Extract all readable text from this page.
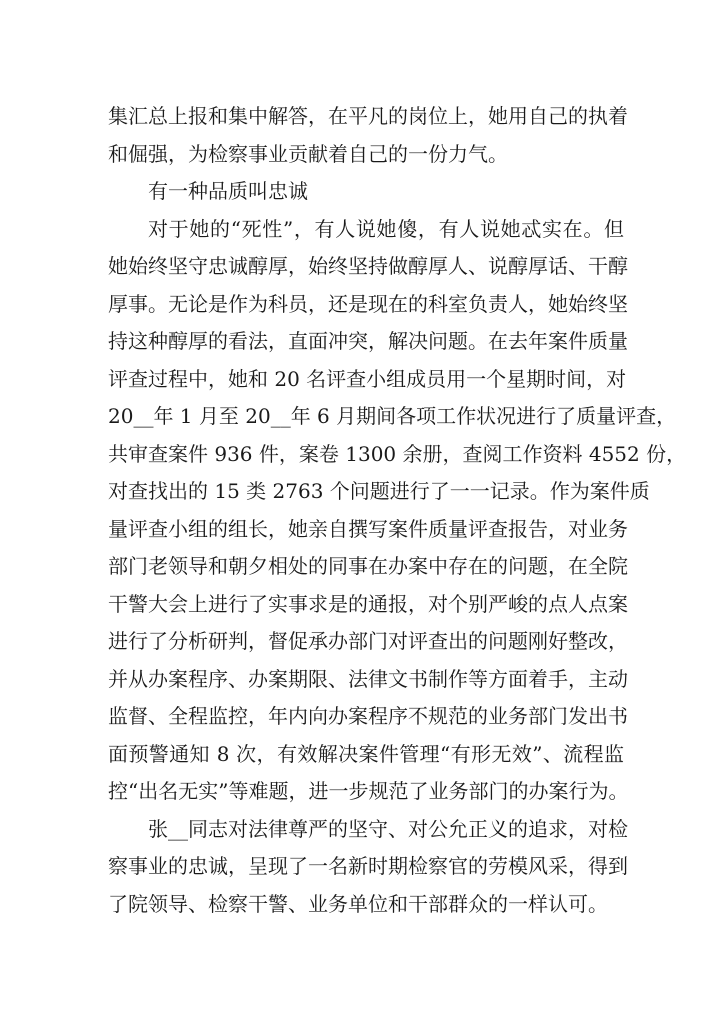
集汇总上报和集中解答，在平凡的岗位上，她用自己的执着
和倔强，为检察事业贡献着自己的一份力气。
有一种品质叫忠诚
对于她的“死性”，有人说她傻，有人说她忒实在。但
她始终坚守忠诚醇厚，始终坚持做醇厚人、说醇厚话、干醇
厚事。无论是作为科员，还是现在的科室负责人，她始终坚
持这种醇厚的看法，直面冲突，解决问题。在去年案件质量
评查过程中，她和 20 名评查小组成员用一个星期时间，对
20__年 1 月至 20__年 6 月期间各项工作状况进行了质量评查，
共审查案件 936 件，案卷 1300 余册，查阅工作资料 4552 份，
对查找出的 15 类 2763 个问题进行了一一记录。作为案件质
量评查小组的组长，她亲自撰写案件质量评查报告，对业务
部门老领导和朝夕相处的同事在办案中存在的问题，在全院
干警大会上进行了实事求是的通报，对个别严峻的点人点案
进行了分析研判，督促承办部门对评查出的问题刚好整改，
并从办案程序、办案期限、法律文书制作等方面着手，主动
监督、全程监控，年内向办案程序不规范的业务部门发出书
面预警通知 8 次，有效解决案件管理“有形无效”、流程监
控“出名无实”等难题，进一步规范了业务部门的办案行为。
张__同志对法律尊严的坚守、对公允正义的追求，对检
察事业的忠诚，呈现了一名新时期检察官的劳模风采，得到
了院领导、检察干警、业务单位和干部群众的一样认可。
